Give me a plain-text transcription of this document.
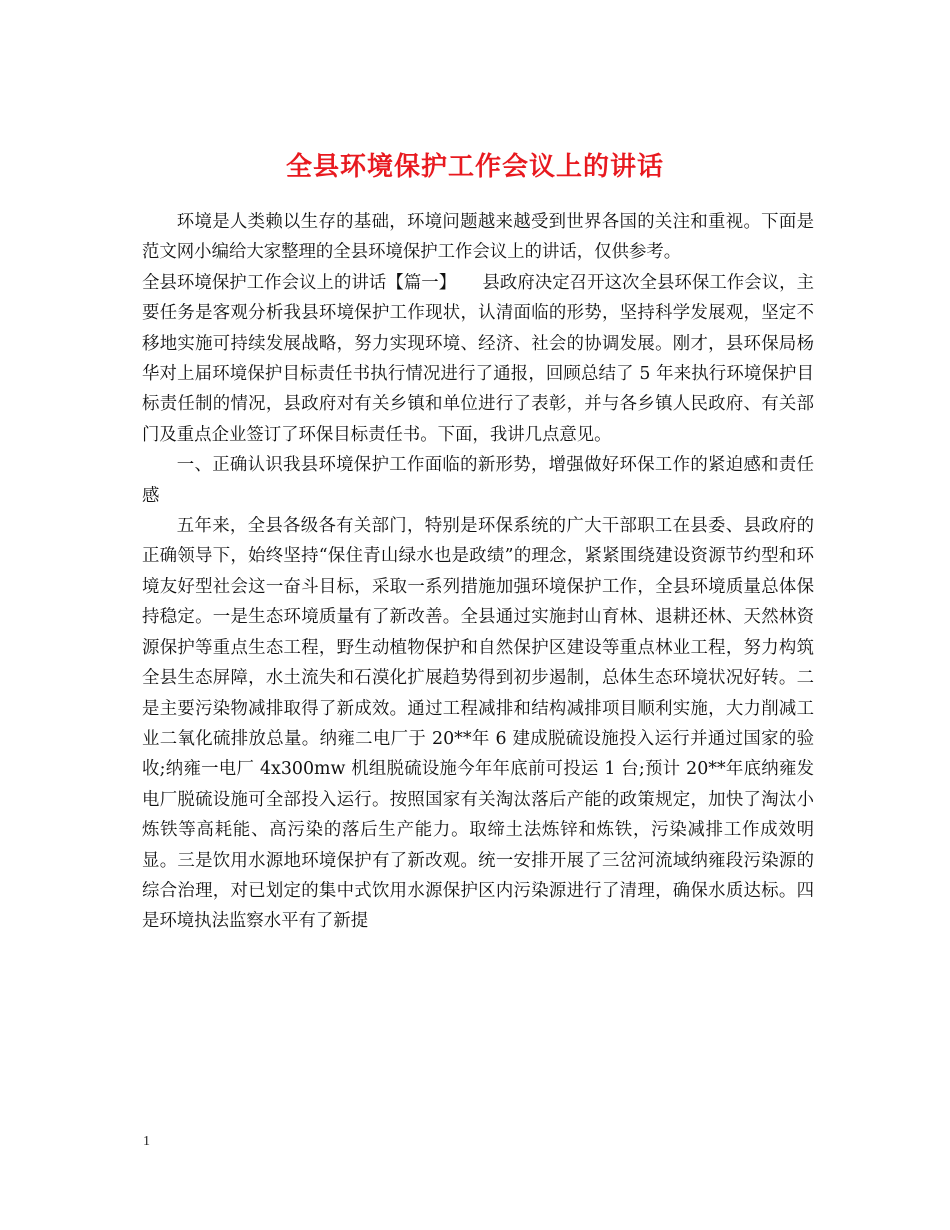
全县环境保护工作会议上的讲话

环境是人类赖以生存的基础，环境问题越来越受到世界各国的关注和重视。下面是范文网小编给大家整理的全县环境保护工作会议上的讲话，仅供参考。

全县环境保护工作会议上的讲话【篇一】　　县政府决定召开这次全县环保工作会议，主要任务是客观分析我县环境保护工作现状，认清面临的形势，坚持科学发展观，坚定不移地实施可持续发展战略，努力实现环境、经济、社会的协调发展。刚才，县环保局杨华对上届环境保护目标责任书执行情况进行了通报，回顾总结了 5 年来执行环境保护目标责任制的情况，县政府对有关乡镇和单位进行了表彰，并与各乡镇人民政府、有关部门及重点企业签订了环保目标责任书。下面，我讲几点意见。

一、正确认识我县环境保护工作面临的新形势，增强做好环保工作的紧迫感和责任感

五年来，全县各级各有关部门，特别是环保系统的广大干部职工在县委、县政府的正确领导下，始终坚持“保住青山绿水也是政绩”的理念，紧紧围绕建设资源节约型和环境友好型社会这一奋斗目标，采取一系列措施加强环境保护工作，全县环境质量总体保持稳定。一是生态环境质量有了新改善。全县通过实施封山育林、退耕还林、天然林资源保护等重点生态工程，野生动植物保护和自然保护区建设等重点林业工程，努力构筑全县生态屏障，水土流失和石漠化扩展趋势得到初步遏制，总体生态环境状况好转。二是主要污染物减排取得了新成效。通过工程减排和结构减排项目顺利实施，大力削减工业二氧化硫排放总量。纳雍二电厂于 20**年 6 建成脱硫设施投入运行并通过国家的验收;纳雍一电厂 4x300mw 机组脱硫设施今年年底前可投运 1 台;预计 20**年底纳雍发电厂脱硫设施可全部投入运行。按照国家有关淘汰落后产能的政策规定，加快了淘汰小炼铁等高耗能、高污染的落后生产能力。取缔土法炼锌和炼铁，污染减排工作成效明显。三是饮用水源地环境保护有了新改观。统一安排开展了三岔河流域纳雍段污染源的综合治理，对已划定的集中式饮用水源保护区内污染源进行了清理，确保水质达标。四是环境执法监察水平有了新提

1
